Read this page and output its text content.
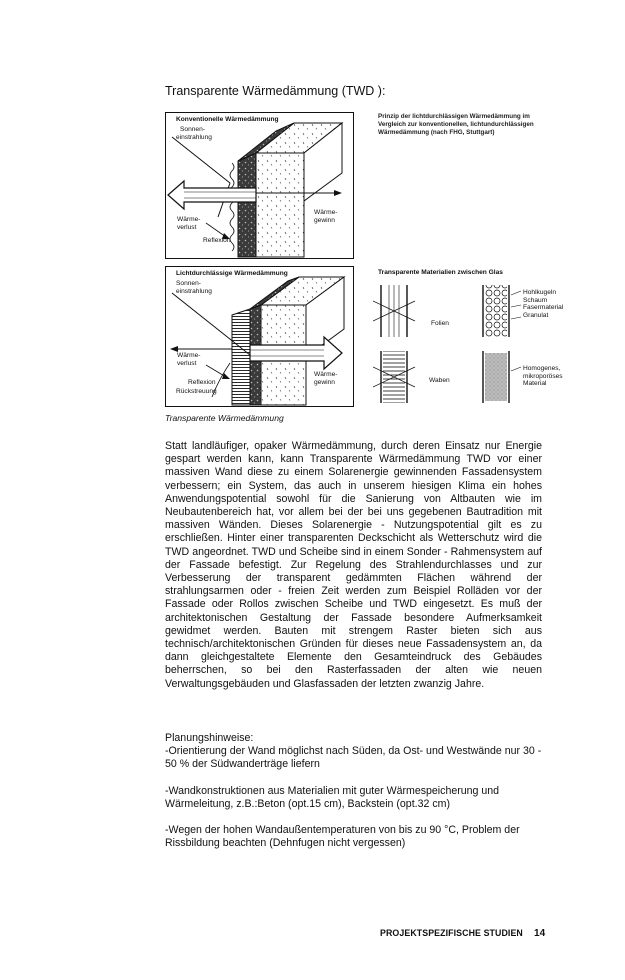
Transparente Wärmedämmung (TWD ):
Konventionelle Wärmedämmung
Sonnen-
einstrahlung
Wärme-
verlust
Reflexion
Wärme-
gewinn
Prinzip der lichtdurchlässigen Wärmedämmung im
Vergleich zur konventionellen, lichtundurchlässigen
Wärmedämmung (nach FHG, Stuttgart)
Lichtdurchlässige Wärmedämmung
Sonnen-
einstrahlung
Wärme-
verlust
Reflexion
Rückstreuung
Wärme-
gewinn
Transparente Materialien zwischen Glas
Folien
Hohlkugeln
Schaum
Fasermaterial
Granulat
Waben
Homogenes,
mikroporöses
Material
Transparente Wärmedämmung

Statt landläufiger, opaker Wärmedämmung, durch deren Einsatz nur Energie gespart werden kann, kann Transparente Wärmedämmung TWD vor einer massiven Wand diese zu einem Solarenergie gewinnenden Fassadensystem verbessern; ein System, das auch in unserem hiesigen Klima ein hohes Anwendungspotential sowohl für die Sanierung von Altbauten wie im Neubautenbereich hat, vor allem bei der bei uns gegebenen Bautradition mit massiven Wänden. Dieses Solarenergie - Nutzungspotential gilt es zu erschließen. Hinter einer transparenten Deckschicht als Wetterschutz wird die TWD angeordnet. TWD und Scheibe sind in einem Sonder - Rahmensystem auf der Fassade befestigt. Zur Regelung des Strahlendurchlasses und zur Verbesserung der transparent gedämmten Flächen während der strahlungsarmen oder - freien Zeit werden zum Beispiel Rolläden vor der Fassade oder Rollos zwischen Scheibe und TWD eingesetzt. Es muß der architektonischen Gestaltung der Fassade besondere Aufmerksamkeit gewidmet werden. Bauten mit strengem Raster bieten sich aus technisch/architektonischen Gründen für dieses neue Fassadensystem an, da dann gleichgestaltete Elemente den Gesamteindruck des Gebäudes beherrschen, so bei den Rasterfassaden der alten wie neuen Verwaltungsgebäuden und Glasfassaden der letzten zwanzig Jahre.

Planungshinweise:

-Orientierung der Wand möglichst nach Süden, da Ost- und Westwände nur 30 - 50 % der Südwanderträge liefern

-Wandkonstruktionen aus Materialien mit guter Wärmespeicherung und Wärmeleitung, z.B.:Beton (opt.15 cm), Backstein (opt.32 cm)

-Wegen der hohen Wandaußentemperaturen von bis zu 90 °C, Problem der Rissbildung beachten (Dehnfugen nicht vergessen)

PROJEKTSPEZIFISCHE STUDIEN 14
